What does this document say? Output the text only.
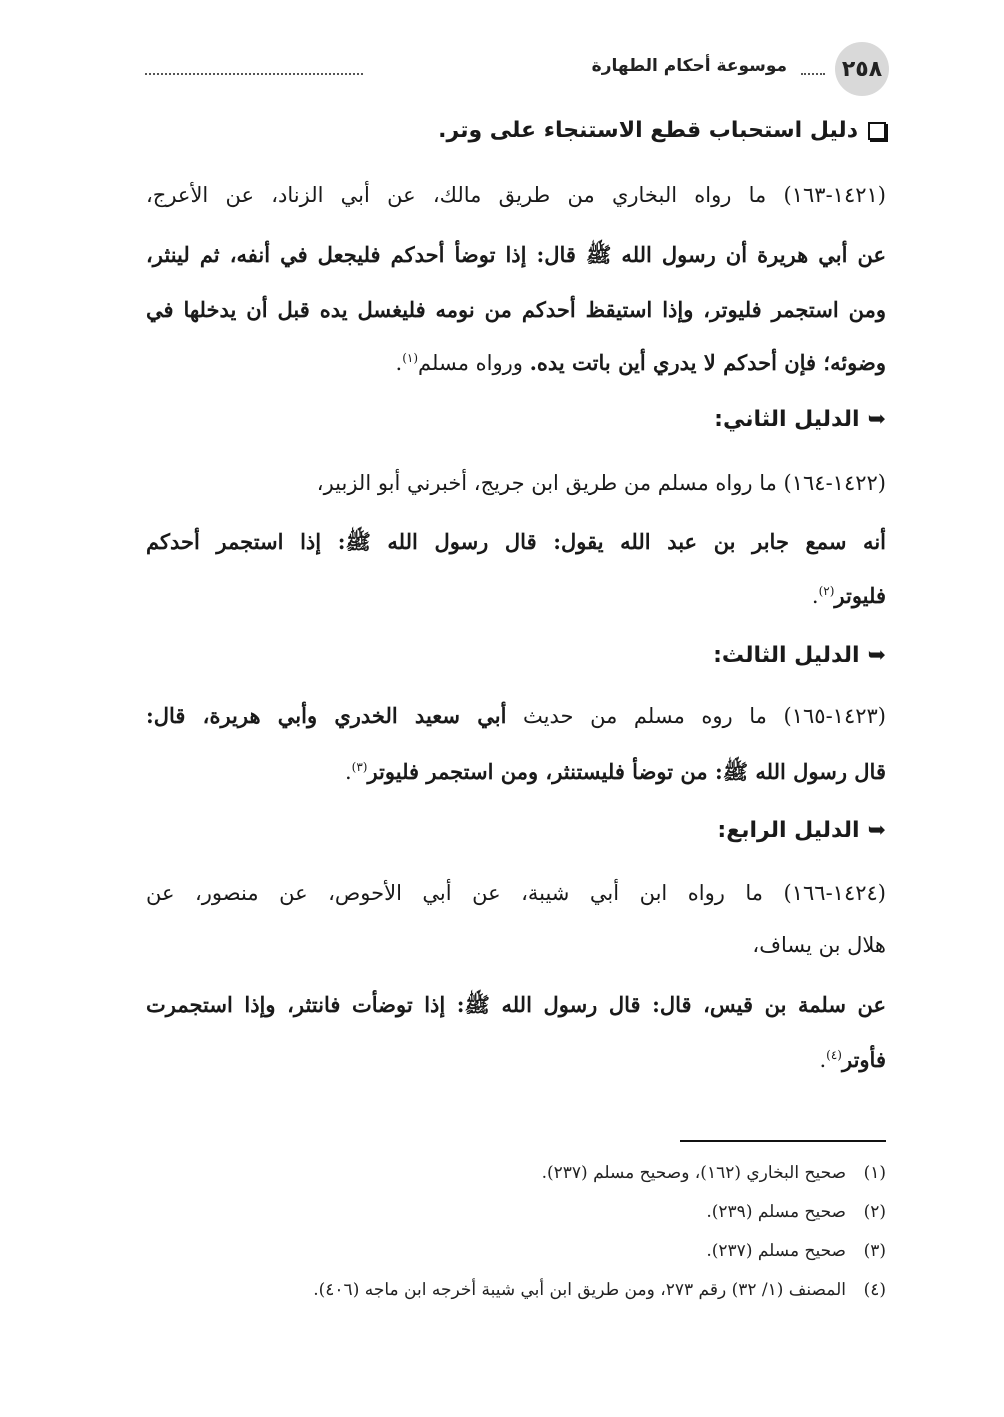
موسوعة أحكام الطهارة	٢٥٨
دليل استحباب قطع الاستنجاء على وتر.
(١٤٢١-١٦٣) ما رواه البخاري من طريق مالك، عن أبي الزناد، عن الأعرج،
عن أبي هريرة أن رسول الله ﷺ قال: إذا توضأ أحدكم فليجعل في أنفه، ثم لينثر،
ومن استجمر فليوتر، وإذا استيقظ أحدكم من نومه فليغسل يده قبل أن يدخلها في
وضوئه؛ فإن أحدكم لا يدري أين باتت يده. ورواه مسلم$^{(١)}$.
➥الدليل الثاني:
(١٤٢٢-١٦٤) ما رواه مسلم من طريق ابن جريج، أخبرني أبو الزبير،
أنه سمع جابر بن عبد الله يقول: قال رسول الله ﷺ: إذا استجمر أحدكم
فليوتر$^{(٢)}$.
➥الدليل الثالث:
(١٤٢٣-١٦٥) ما روه مسلم من حديث أبي سعيد الخدري وأبي هريرة، قال:
قال رسول الله ﷺ: من توضأ فليستنثر، ومن استجمر فليوتر$^{(٣)}$.
➥الدليل الرابع:
(١٤٢٤-١٦٦) ما رواه ابن أبي شيبة، عن أبي الأحوص، عن منصور، عن
هلال بن يساف،
عن سلمة بن قيس، قال: قال رسول الله ﷺ: إذا توضأت فانتثر، وإذا استجمرت
فأوتر$^{(٤)}$.
(١)صحيح البخاري (١٦٢)، وصحيح مسلم (٢٣٧).
(٢)صحيح مسلم (٢٣٩).
(٣)صحيح مسلم (٢٣٧).
(٤)المصنف (١/ ٣٢) رقم ٢٧٣، ومن طريق ابن أبي شيبة أخرجه ابن ماجه (٤٠٦).
